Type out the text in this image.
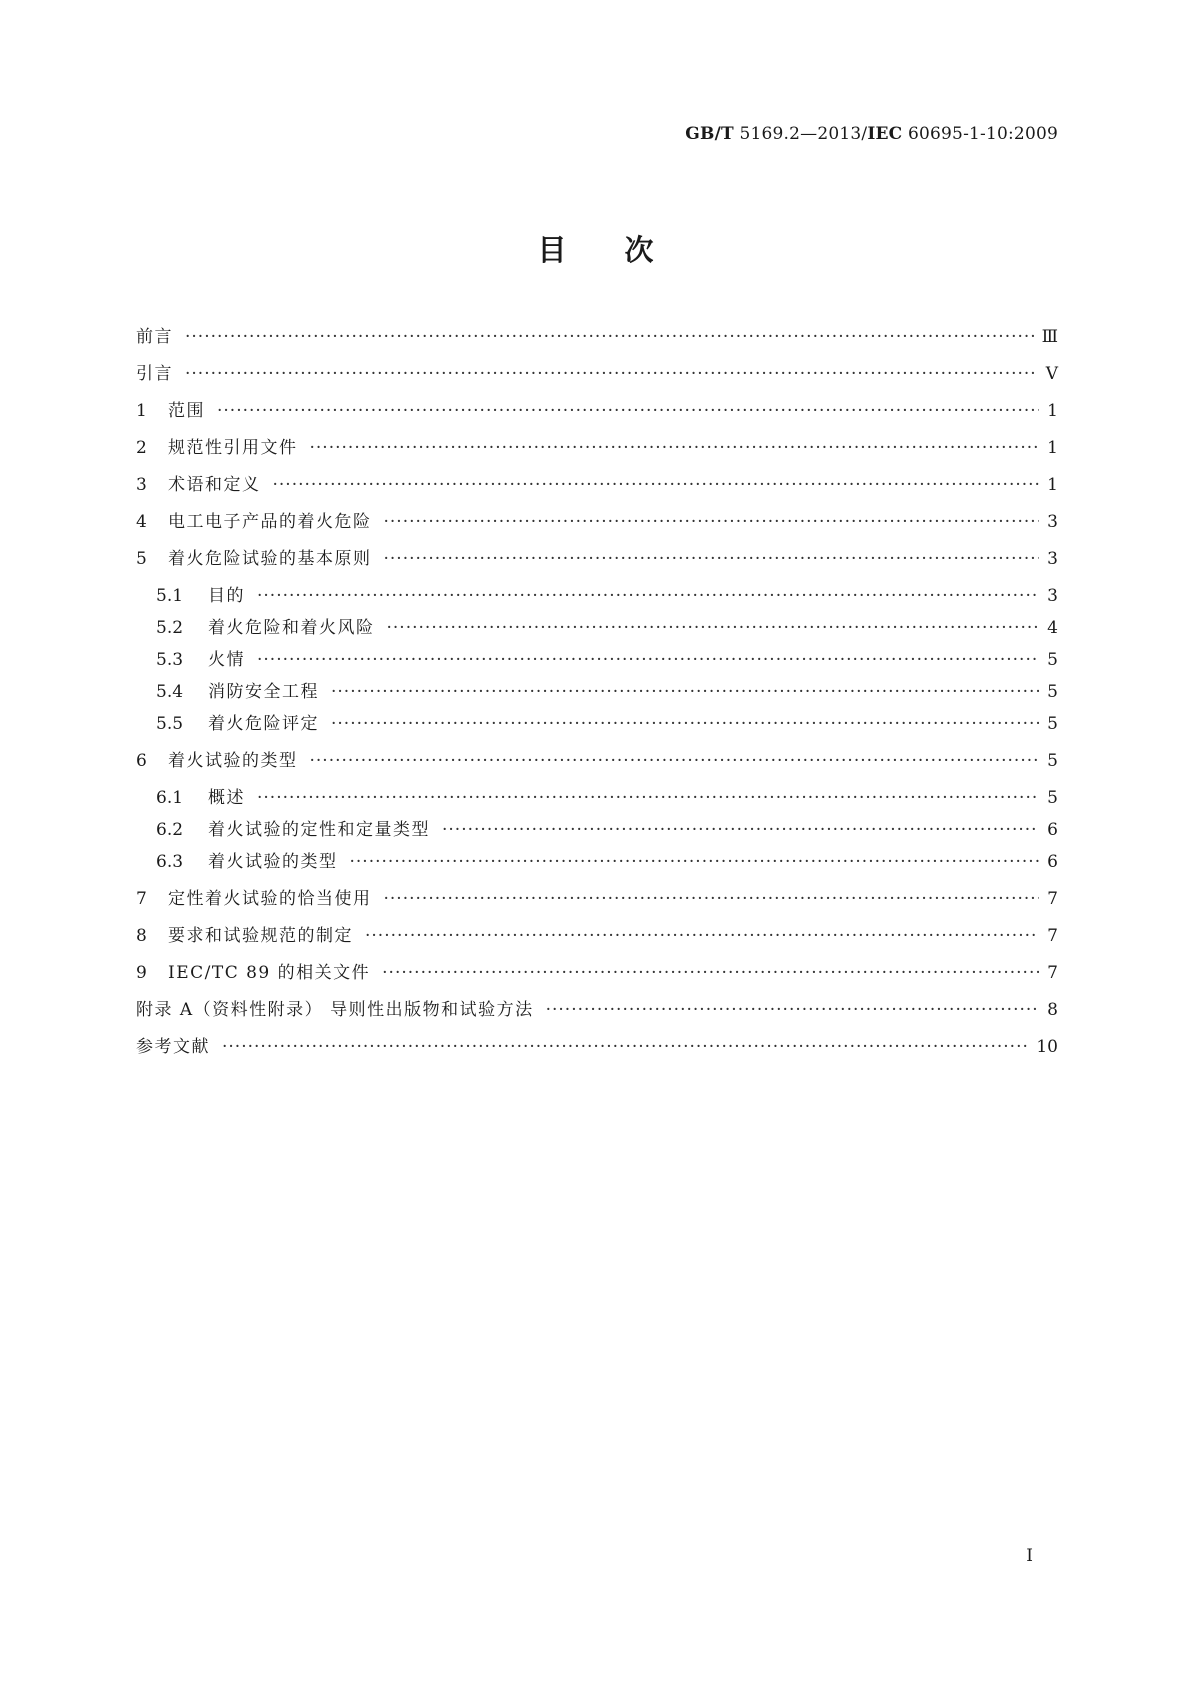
GB/T 5169.2—2013/IEC 60695-1-10:2009
目次
前言 ·····	Ⅲ
引言 ·····	Ⅴ
1	范围 ·····	1
2	规范性引用文件 ·····	1
3	术语和定义 ·····	1
4	电工电子产品的着火危险 ·····	3
5	着火危险试验的基本原则 ·····	3
5.1	目的 ·····	3
5.2	着火危险和着火风险 ·····	4
5.3	火情 ·····	5
5.4	消防安全工程 ·····	5
5.5	着火危险评定 ·····	5
6	着火试验的类型 ·····	5
6.1	概述 ·····	5
6.2	着火试验的定性和定量类型 ·····	6
6.3	着火试验的类型 ·····	6
7	定性着火试验的恰当使用 ·····	7
8	要求和试验规范的制定 ·····	7
9	IEC/TC 89 的相关文件 ·····	7
附录 A（资料性附录） 导则性出版物和试验方法 ·····	8
参考文献 ·····	10
Ⅰ
